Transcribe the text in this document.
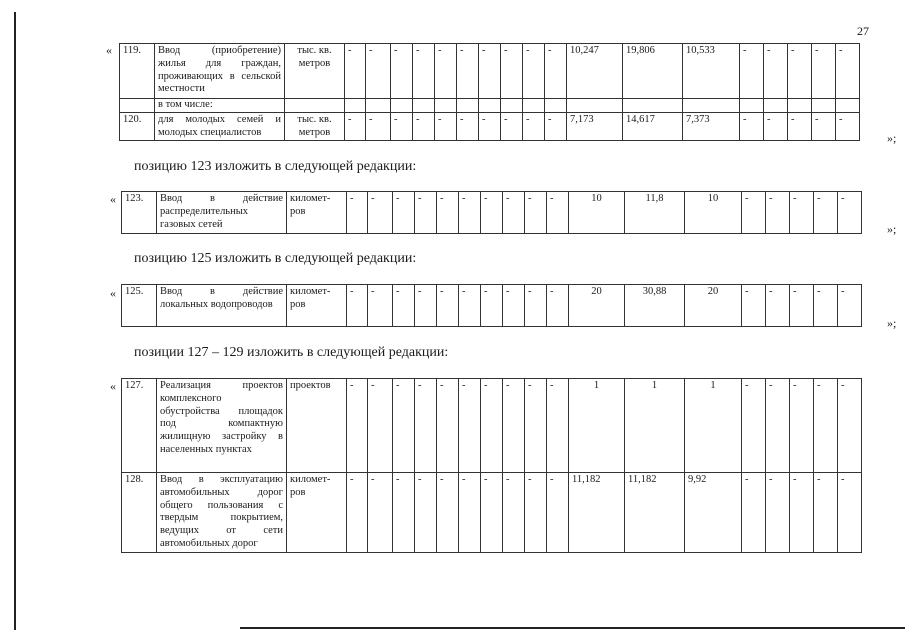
27
« 119.	Ввод (приобретение) жилья для граждан, проживающих в сельской местности	тыс. кв. метров	-	-	-	-	-	-	-	-	-	-	10,247	19,806	10,533	-	-	-	-	-
	в том числе:																			
120.	для молодых семей и молодых специалистов	тыс. кв. метров	-	-	-	-	-	-	-	-	-	-	7,173	14,617	7,373	-	-	-	-	-
»;
позицию 123 изложить в следующей редакции:
« 123.	Ввод в действие распределительных газовых сетей	километ-ров	-	-	-	-	-	-	-	-	-	-	10	11,8	10	-	-	-	-	-
»;
позицию 125 изложить в следующей редакции:
« 125.	Ввод в действие локальных водопроводов	километ-ров	-	-	-	-	-	-	-	-	-	-	20	30,88	20	-	-	-	-	-
»;
позиции 127 – 129 изложить в следующей редакции:
« 127.	Реализация проектов комплексного обустройства площадок под компактную жилищную застройку в населенных пунктах	проектов	-	-	-	-	-	-	-	-	-	-	1	1	1	-	-	-	-	-
128.	Ввод в эксплуатацию автомобильных дорог общего пользования с твердым покрытием, ведущих от сети автомобильных дорог	километ-ров	-	-	-	-	-	-	-	-	-	-	11,182	11,182	9,92	-	-	-	-	-
